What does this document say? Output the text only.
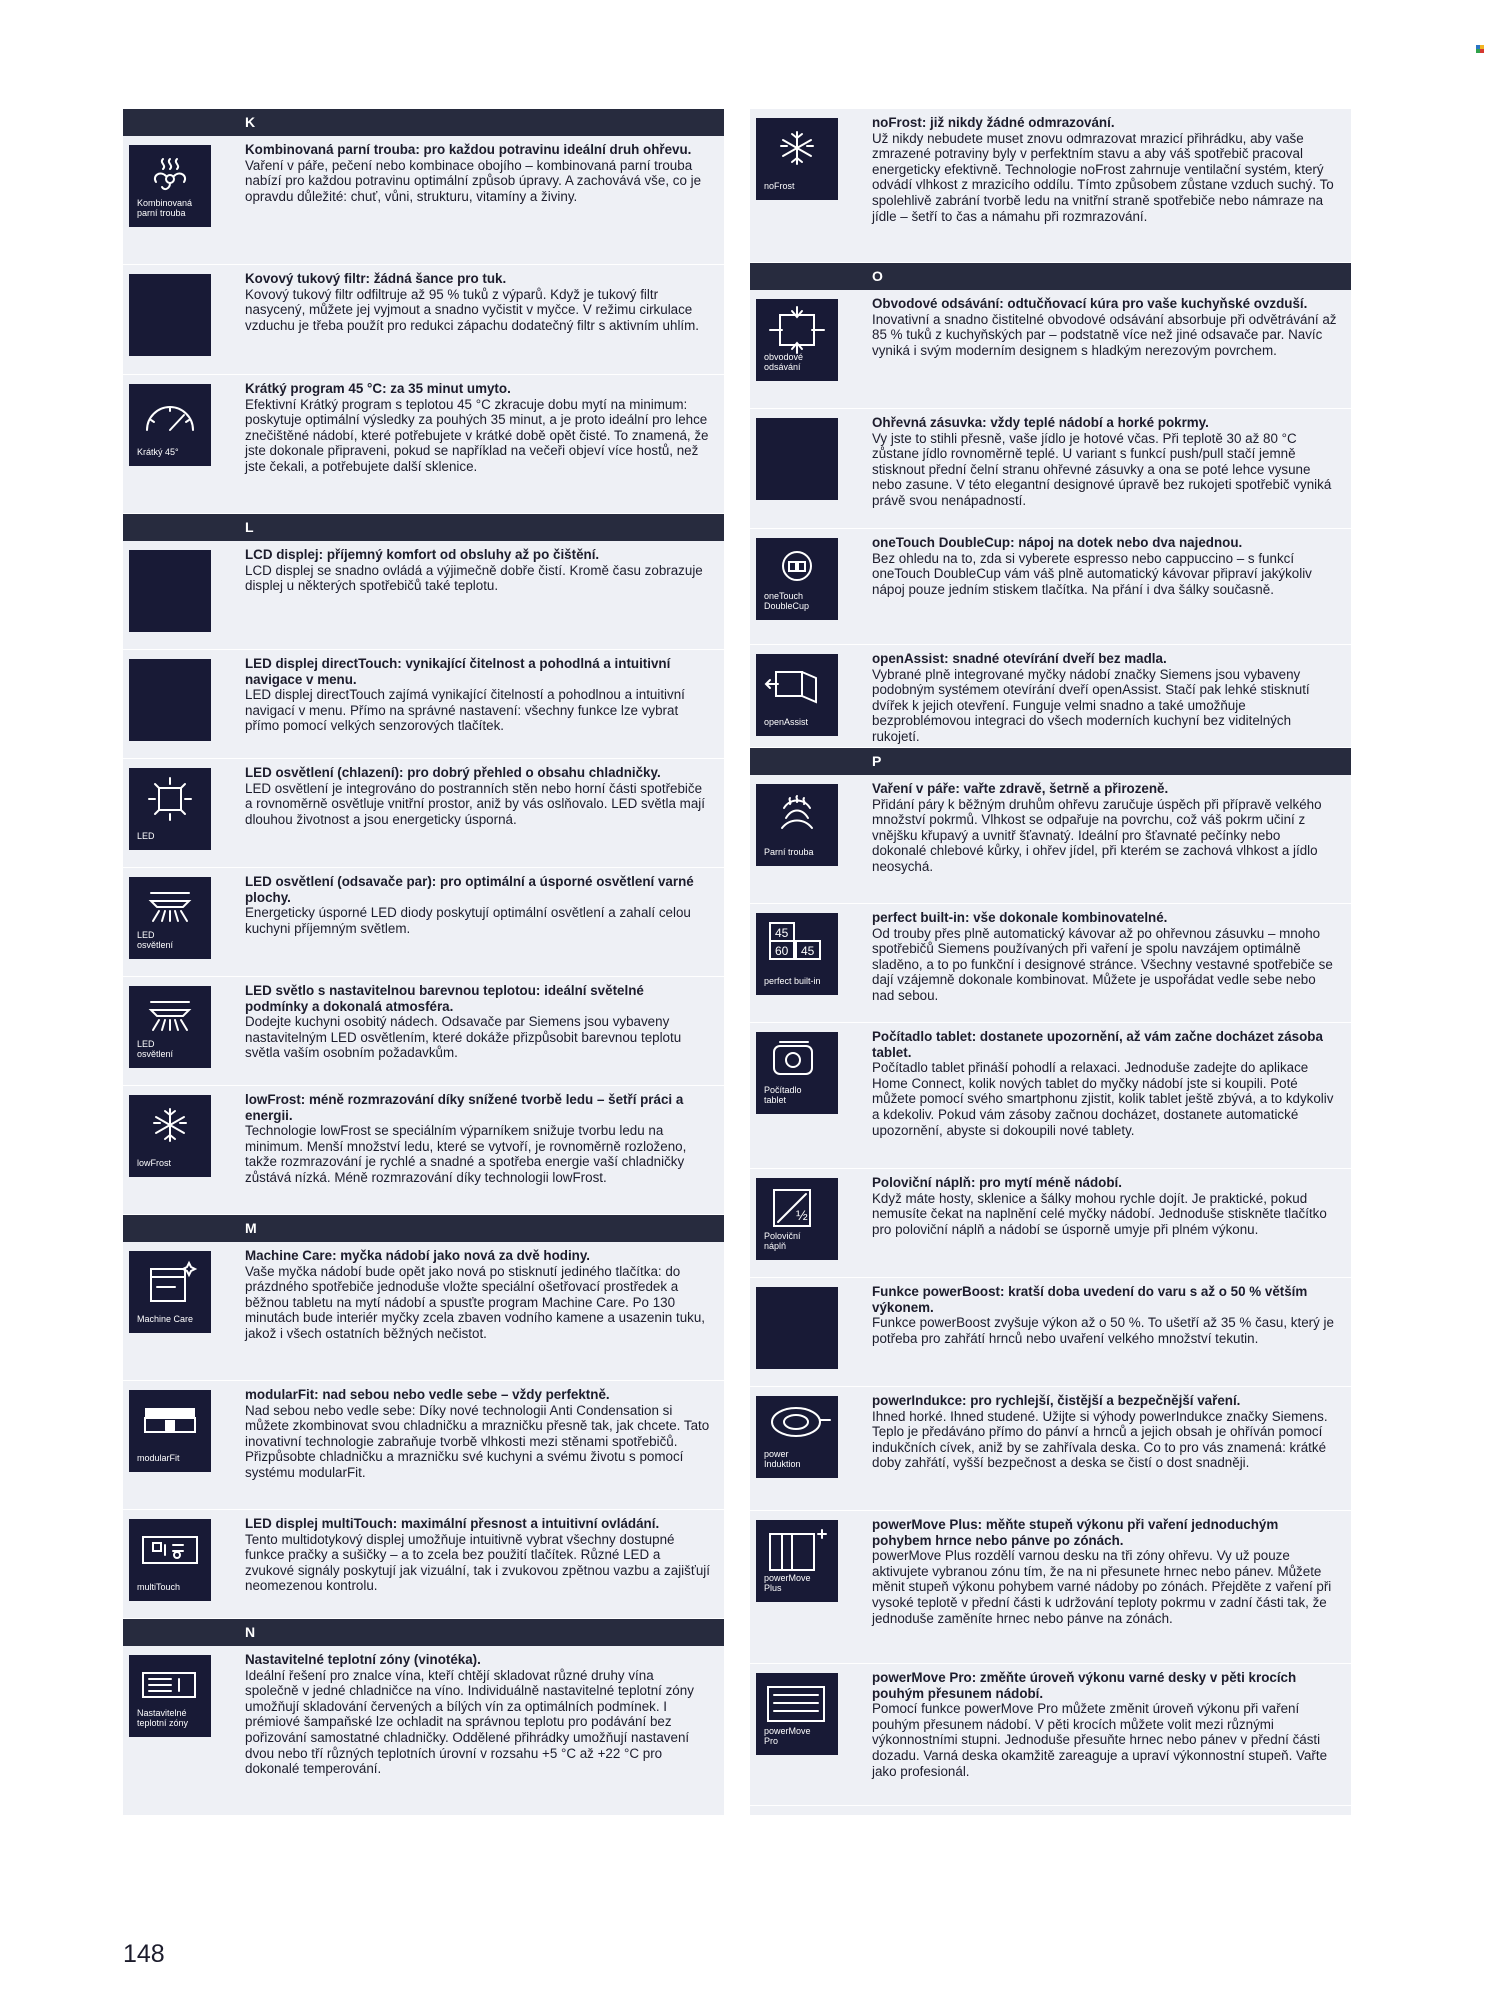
K
Kombinovaná
parní trouba
Kombinovaná parní trouba: pro každou potravinu ideální druh ohřevu.
Vaření v páře, pečení nebo kombinace obojího – kombinovaná parní trouba nabízí pro každou potravinu optimální způsob úpravy. A zachovává vše, co je opravdu důležité: chuť, vůni, strukturu, vitamíny a živiny.
Kovový tukový filtr: žádná šance pro tuk.
Kovový tukový filtr odfiltruje až 95 % tuků z výparů. Když je tukový filtr nasycený, můžete jej vyjmout a snadno vyčistit v myčce. V režimu cirkulace vzduchu je třeba použít pro redukci zápachu dodatečný filtr s aktivním uhlím.
Krátký 45°
Krátký program 45 °C: za 35 minut umyto.
Efektivní Krátký program s teplotou 45 °C zkracuje dobu mytí na minimum: poskytuje optimální výsledky za pouhých 35 minut, a je proto ideální pro lehce znečištěné nádobí, které potřebujete v krátké době opět čisté. To znamená, že jste dokonale připraveni, pokud se například na večeři objeví více hostů, než jste čekali, a potřebujete další sklenice.
L
LCD displej: příjemný komfort od obsluhy až po čištění.
LCD displej se snadno ovládá a výjimečně dobře čistí. Kromě času zobrazuje displej u některých spotřebičů také teplotu.
LED displej directTouch: vynikající čitelnost a pohodlná a intuitivní navigace v menu.
LED displej directTouch zajímá vynikající čitelností a pohodlnou a intuitivní navigací v menu. Přímo na správné nastavení: všechny funkce lze vybrat přímo pomocí velkých senzorových tlačítek.
LED
LED osvětlení (chlazení): pro dobrý přehled o obsahu chladničky.
LED osvětlení je integrováno do postranních stěn nebo horní části spotřebiče a rovnoměrně osvětluje vnitřní prostor, aniž by vás oslňovalo. LED světla mají dlouhou životnost a jsou energeticky úsporná.
LED
osvětlení
LED osvětlení (odsavače par): pro optimální a úsporné osvětlení varné plochy.
Energeticky úsporné LED diody poskytují optimální osvětlení a zahalí celou kuchyni příjemným světlem.
LED
osvětlení
LED světlo s nastavitelnou barevnou teplotou: ideální světelné podmínky a dokonalá atmosféra.
Dodejte kuchyni osobitý nádech. Odsavače par Siemens jsou vybaveny nastavitelným LED osvětlením, které dokáže přizpůsobit barevnou teplotu světla vaším osobním požadavkům.
lowFrost
lowFrost: méně rozmrazování díky snížené tvorbě ledu – šetří práci a energii.
Technologie lowFrost se speciálním výparníkem snižuje tvorbu ledu na minimum. Menší množství ledu, které se vytvoří, je rovnoměrně rozloženo, takže rozmrazování je rychlé a snadné a spotřeba energie vaší chladničky zůstává nízká. Méně rozmrazování díky technologii lowFrost.
M
Machine Care
Machine Care: myčka nádobí jako nová za dvě hodiny.
Vaše myčka nádobí bude opět jako nová po stisknutí jediného tlačítka: do prázdného spotřebiče jednoduše vložte speciální ošetřovací prostředek a běžnou tabletu na mytí nádobí a spusťte program Machine Care. Po 130 minutách bude interiér myčky zcela zbaven vodního kamene a usazenin tuku, jakož i všech ostatních běžných nečistot.
modularFit
modularFit: nad sebou nebo vedle sebe – vždy perfektně.
Nad sebou nebo vedle sebe: Díky nové technologii Anti Condensation si můžete zkombinovat svou chladničku a mrazničku přesně tak, jak chcete. Tato inovativní technologie zabraňuje tvorbě vlhkosti mezi stěnami spotřebičů. Přizpůsobte chladničku a mrazničku své kuchyni a svému životu s pomocí systému modularFit.
multiTouch
LED displej multiTouch: maximální přesnost a intuitivní ovládání.
Tento multidotykový displej umožňuje intuitivně vybrat všechny dostupné funkce pračky a sušičky – a to zcela bez použití tlačítek. Různé LED a zvukové signály poskytují jak vizuální, tak i zvukovou zpětnou vazbu a zajišťují neomezenou kontrolu.
N
Nastavitelné
teplotní zóny
Nastavitelné teplotní zóny (vinotéka).
Ideální řešení pro znalce vína, kteří chtějí skladovat různé druhy vína společně v jedné chladničce na víno. Individuálně nastavitelné teplotní zóny umožňují skladování červených a bílých vín za optimálních podmínek. I prémiové šampaňské lze ochladit na správnou teplotu pro podávání bez pořizování samostatné chladničky. Oddělené přihrádky umožňují nastavení dvou nebo tří různých teplotních úrovní v rozsahu +5 °C až +22 °C pro dokonalé temperování.
noFrost
noFrost: již nikdy žádné odmrazování.
Už nikdy nebudete muset znovu odmrazovat mrazicí přihrádku, aby vaše zmrazené potraviny byly v perfektním stavu a aby váš spotřebič pracoval energeticky efektivně. Technologie noFrost zahrnuje ventilační systém, který odvádí vlhkost z mrazicího oddílu. Tímto způsobem zůstane vzduch suchý. To spolehlivě zabrání tvorbě ledu na vnitřní straně spotřebiče nebo námraze na jídle – šetří to čas a námahu při rozmrazování.
O
obvodové
odsávání
Obvodové odsávání: odtučňovací kúra pro vaše kuchyňské ovzduší.
Inovativní a snadno čistitelné obvodové odsávání absorbuje při odvětrávání až 85 % tuků z kuchyňských par – podstatně více než jiné odsavače par. Navíc vyniká i svým moderním designem s hladkým nerezovým povrchem.
Ohřevná zásuvka: vždy teplé nádobí a horké pokrmy.
Vy jste to stihli přesně, vaše jídlo je hotové včas. Při teplotě 30 až 80 °C zůstane jídlo rovnoměrně teplé. U variant s funkcí push/pull stačí jemně stisknout přední čelní stranu ohřevné zásuvky a ona se poté lehce vysune nebo zasune. V této elegantní designové úpravě bez rukojeti spotřebič vyniká právě svou nenápadností.
oneTouch
DoubleCup
oneTouch DoubleCup: nápoj na dotek nebo dva najednou.
Bez ohledu na to, zda si vyberete espresso nebo cappuccino – s funkcí oneTouch DoubleCup vám váš plně automatický kávovar připraví jakýkoliv nápoj pouze jedním stiskem tlačítka. Na přání i dva šálky současně.
openAssist
openAssist: snadné otevírání dveří bez madla.
Vybrané plně integrované myčky nádobí značky Siemens jsou vybaveny podobným systémem otevírání dveří openAssist. Stačí pak lehké stisknutí dvířek k jejich otevření. Funguje velmi snadno a také umožňuje bezproblémovou integraci do všech moderních kuchyní bez viditelných rukojetí.
P
Parní trouba
Vaření v páře: vařte zdravě, šetrně a přirozeně.
Přidání páry k běžným druhům ohřevu zaručuje úspěch při přípravě velkého množství pokrmů. Vlhkost se odpařuje na povrchu, což váš pokrm učiní z vnějšku křupavý a uvnitř šťavnatý. Ideální pro šťavnaté pečínky nebo dokonalé chlebové kůrky, i ohřev jídel, při kterém se zachová vlhkost a jídlo neosychá.
45
60 45
perfect built-in
perfect built-in: vše dokonale kombinovatelné.
Od trouby přes plně automatický kávovar až po ohřevnou zásuvku – mnoho spotřebičů Siemens používaných při vaření je spolu navzájem optimálně sladěno, a to po funkční i designové stránce. Všechny vestavné spotřebiče se dají vzájemně dokonale kombinovat. Můžete je uspořádat vedle sebe nebo nad sebou.
Počítadlo
tablet
Počítadlo tablet: dostanete upozornění, až vám začne docházet zásoba tablet.
Počítadlo tablet přináší pohodlí a relaxaci. Jednoduše zadejte do aplikace Home Connect, kolik nových tablet do myčky nádobí jste si koupili. Poté můžete pomocí svého smartphonu zjistit, kolik tablet ještě zbývá, a to kdykoliv a kdekoliv. Pokud vám zásoby začnou docházet, dostanete automatické upozornění, abyste si dokoupili nové tablety.
½
Poloviční
náplň
Poloviční náplň: pro mytí méně nádobí.
Když máte hosty, sklenice a šálky mohou rychle dojít. Je praktické, pokud nemusíte čekat na naplnění celé myčky nádobí. Jednoduše stiskněte tlačítko pro poloviční náplň a nádobí se úsporně umyje při plném výkonu.
Funkce powerBoost: kratší doba uvedení do varu s až o 50 % větším výkonem.
Funkce powerBoost zvyšuje výkon až o 50 %. To ušetří až 35 % času, který je potřeba pro zahřátí hrnců nebo uvaření velkého množství tekutin.
power
Induktion
powerIndukce: pro rychlejší, čistější a bezpečnější vaření.
Ihned horké. Ihned studené. Užijte si výhody powerIndukce značky Siemens. Teplo je předáváno přímo do pánví a hrnců a jejich obsah je ohříván pomocí indukčních cívek, aniž by se zahřívala deska. Co to pro vás znamená: krátké doby zahřátí, vyšší bezpečnost a deska se čistí o dost snadněji.
powerMove
Plus
powerMove Plus: měňte stupeň výkonu při vaření jednoduchým pohybem hrnce nebo pánve po zónách.
powerMove Plus rozdělí varnou desku na tři zóny ohřevu. Vy už pouze aktivujete vybranou zónu tím, že na ni přesunete hrnec nebo pánev. Můžete měnit stupeň výkonu pohybem varné nádoby po zónách. Přejděte z vaření při vysoké teplotě v přední části k udržování teploty pokrmu v zadní části tak, že jednoduše zaměníte hrnec nebo pánve na zónách.
powerMove
Pro
powerMove Pro: změňte úroveň výkonu varné desky v pěti krocích pouhým přesunem nádobí.
Pomocí funkce powerMove Pro můžete změnit úroveň výkonu při vaření pouhým přesunem nádobí. V pěti krocích můžete volit mezi různými výkonnostními stupni. Jednoduše přesuňte hrnec nebo pánev v přední části dozadu. Varná deska okamžitě zareaguje a upraví výkonnostní stupeň. Vařte jako profesionál.
148
